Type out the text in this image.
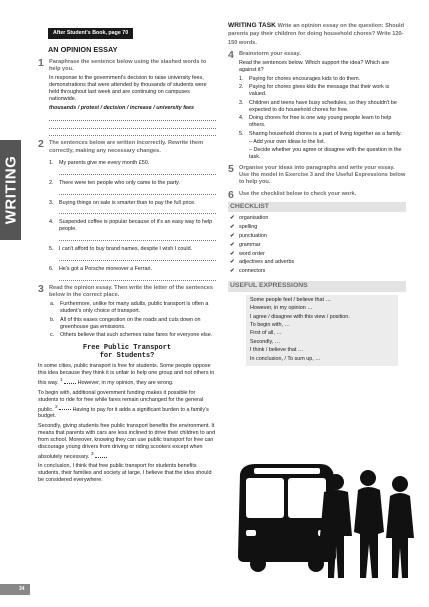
WRITING
34
After Student's Book, page 70
AN OPINION ESSAY
1 Paraphrase the sentence below using the slashed words to help you.
In response to the government's decision to raise university fees, demonstrations that were attended by thousands of students were held throughout last week and are continuing on campuses nationwide.
thousands / protest / decision / increase / university fees
2 The sentences below are written incorrectly. Rewrite them correctly, making any necessary changes.
1.	My parents give me every month £50.
2.	There were ten people who only came to the party.
3.	Buying things on sale is smarter than to pay the full price.
4.	Suspended coffee is popular because of it's an easy way to help people.
5.	I can't afford to buy brand names, despite I wish I could.
6.	He's got a Porsche moreover a Ferrari.
3 Read the opinion essay. Then write the letter of the sentences below in the correct place.
a.	Furthermore, unlike for many adults, public transport is often a student's only choice of transport.
b.	All of this eases congestion on the roads and cuts down on greenhouse gas emissions.
c.	Others believe that such schemes raise fares for everyone else.
Free Public Transport
for Students?

In some cities, public transport is free for students. Some people oppose this idea because they think it is unfair to help one group and not others in this way. $^1$  However, in my opinion, they are wrong.

To begin with, additional government funding makes it possible for students to ride for free while fares remain unchanged for the general public. $^2$  Having to pay for it adds a significant burden to a family's budget.

Secondly, giving students free public transport benefits the environment. It means that parents with cars are less inclined to drive their children to and from school. Moreover, knowing they can use public transport for free can discourage young drivers from driving or riding scooters except when absolutely necessary. $^3$

In conclusion, I think that free public transport for students benefits students, their families and society at large. I believe that the idea should be considered everywhere.

WRITING TASK Write an opinion essay on the question: Should parents pay their children for doing household chores? Write 120-150 words.
4 Brainstorm your essay.
Read the sentences below. Which support the idea? Which are against it?
1.	Paying for chores encourages kids to do them.
2.	Paying for chores gives kids the message that their work is valued.
3.	Children and teens have busy schedules, so they shouldn't be expected to do household chores for free.
4.	Doing chores for free is one way young people learn to help others.
5.	Sharing household chores is a part of living together as a family.
– Add your own ideas to the list.
– Decide whether you agree or disagree with the question in the task.
5 Organise your ideas into paragraphs and write your essay. Use the model in Exercise 3 and the Useful Expressions below to help you.
6 Use the checklist below to check your work.
CHECKLIST
✔ organisation
✔ spelling
✔ punctuation
✔ grammar
✔ word order
✔ adjectives and adverbs
✔ connectors
USEFUL EXPRESSIONS
Some people feel / believe that …
However, in my opinion …
I agree / disagree with this view / position.
To begin with, …
First of all, …
Secondly, …
I think / believe that …
In conclusion, / To sum up, …
